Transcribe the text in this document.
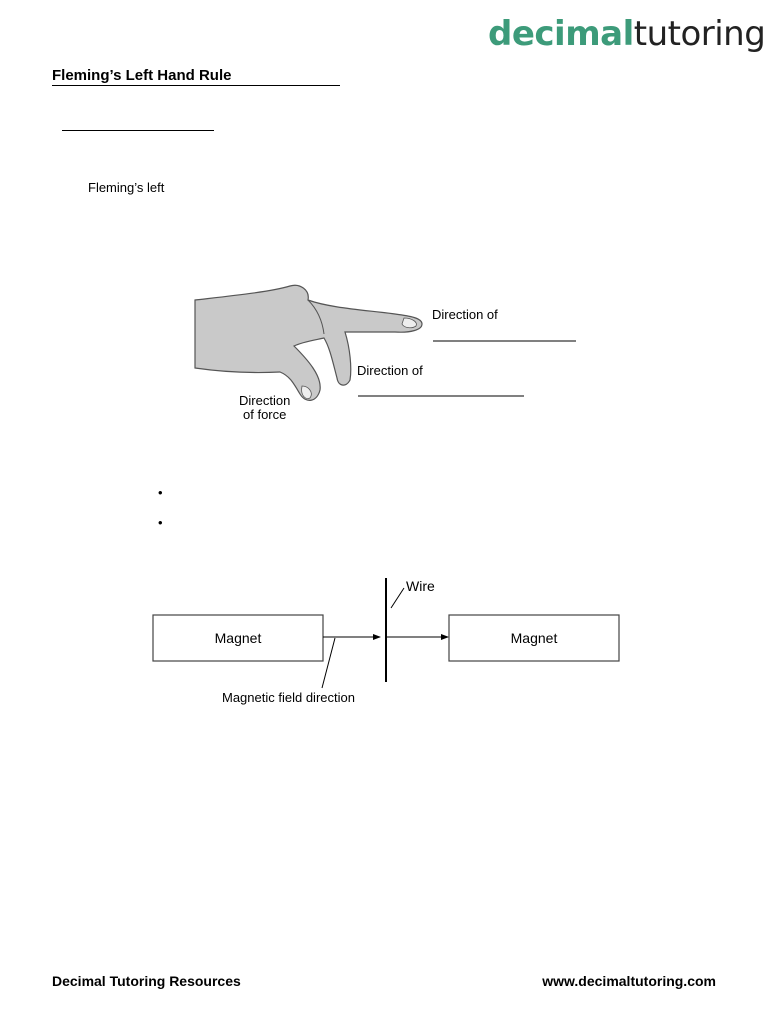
decimaltutoring
Fleming’s Left Hand Rule
Fleming’s left
Direction of
Direction of
Direction
of force
•
•
Magnet	Magnet
Wire
Magnetic field direction
Decimal Tutoring Resources	www.decimaltutoring.com
